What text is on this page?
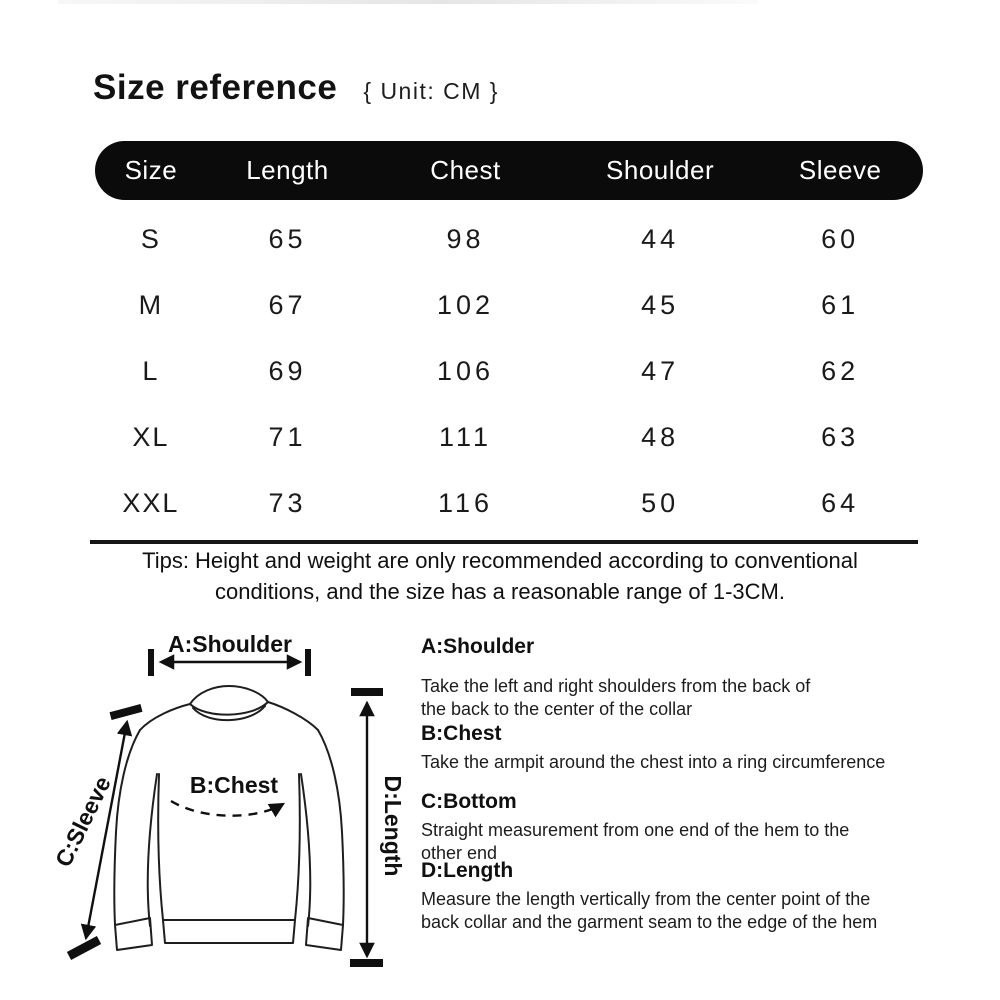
Size reference { Unit: CM }
Size	Length	Chest	Shoulder	Sleeve
S	65	98	44	60
M	67	102	45	61
L	69	106	47	62
XL	71	111	48	63
XXL	73	116	50	64
Tips: Height and weight are only recommended according to conventional
conditions, and the size has a reasonable range of 1-3CM.
A:Shoulder
B:Chest
C:Sleeve	D:Length
A:Shoulder
Take the left and right shoulders from the back of
the back to the center of the collar
B:Chest
Take the armpit around the chest into a ring circumference
C:Bottom
Straight measurement from one end of the hem to the
other end
D:Length
Measure the length vertically from the center point of the
back collar and the garment seam to the edge of the hem
